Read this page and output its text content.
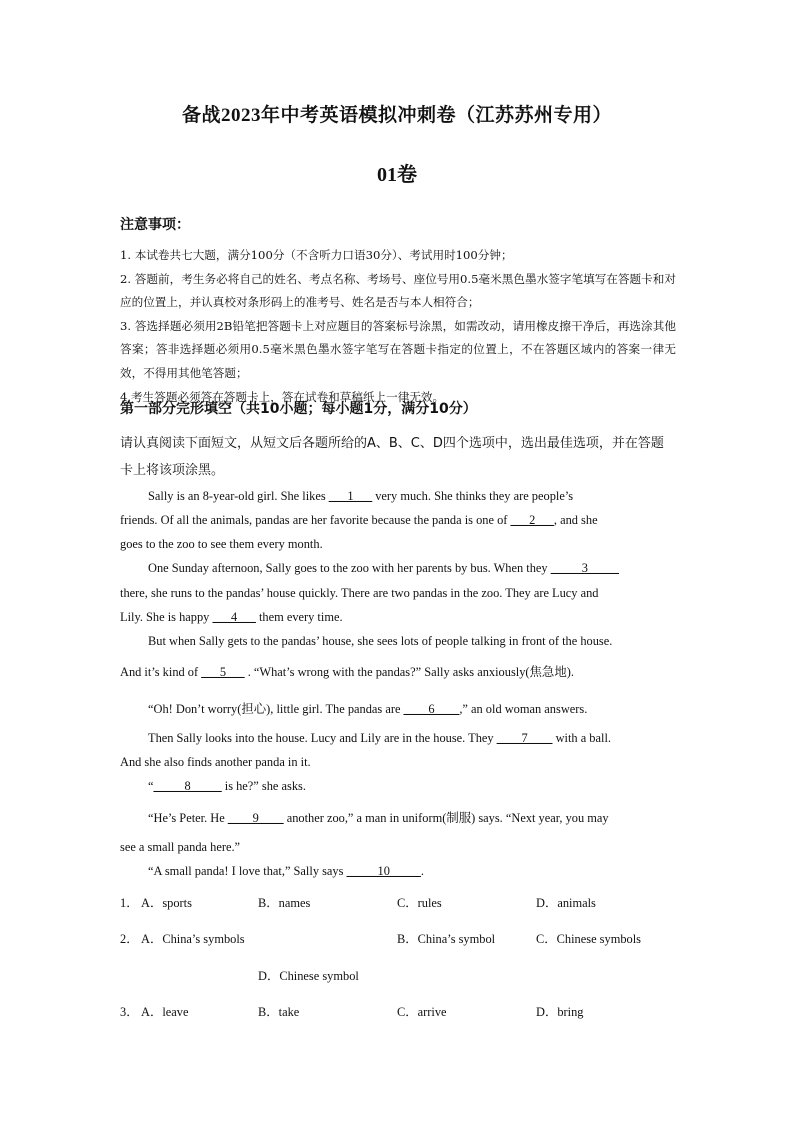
备战2023年中考英语模拟冲刺卷（江苏苏州专用）
01卷
注意事项：

1. 本试卷共七大题，满分100分（不含听力口语30分）、考试用时100分钟；

2. 答题前，考生务必将自己的姓名、考点名称、考场号、座位号用0.5毫米黑色墨水签字笔填写在答题卡和对应的位置上，并认真校对条形码上的准考号、姓名是否与本人相符合；

3. 答选择题必须用2B铅笔把答题卡上对应题目的答案标号涂黑，如需改动，请用橡皮擦干净后，再选涂其他答案；答非选择题必须用0.5毫米黑色墨水签字笔写在答题卡指定的位置上，不在答题区域内的答案一律无效，不得用其他笔答题；

4.考生答题必须答在答题卡上，答在试卷和草稿纸上一律无效。

第一部分完形填空（共10小题；每小题1分，满分10分）
请认真阅读下面短文，从短文后各题所给的A、B、C、D四个选项中，选出最佳选项，并在答题卡上将该项涂黑。
Sally is an 8-year-old girl. She likes ___1___ very much. She thinks they are people’s
friends. Of all the animals, pandas are her favorite because the panda is one of ___2___, and she
goes to the zoo to see them every month.
One Sunday afternoon, Sally goes to the zoo with her parents by bus. When they _____3_____
there, she runs to the pandas’ house quickly. There are two pandas in the zoo. They are Lucy and
Lily. She is happy ___4___ them every time.
But when Sally gets to the pandas’ house, she sees lots of people talking in front of the house.
And it’s kind of ___5___ . “What’s wrong with the pandas?” Sally asks anxiously(焦急地).
“Oh! Don’t worry(担心), little girl. The pandas are ____6____,” an old woman answers.
Then Sally looks into the house. Lucy and Lily are in the house. They ____7____ with a ball.
And she also finds another panda in it.
“_____8_____ is he?” she asks.
“He’s Peter. He ____9____ another zoo,” a man in uniform(制服) says. “Next year, you may
see a small panda here.”
“A small panda! I love that,” Sally says _____10_____.
1． A．sports	B．names	C．rules	D．animals
2． A．China’s symbols	B．China’s symbol	C．Chinese symbols
D．Chinese symbol
3． A．leave	B．take	C．arrive	D．bring
